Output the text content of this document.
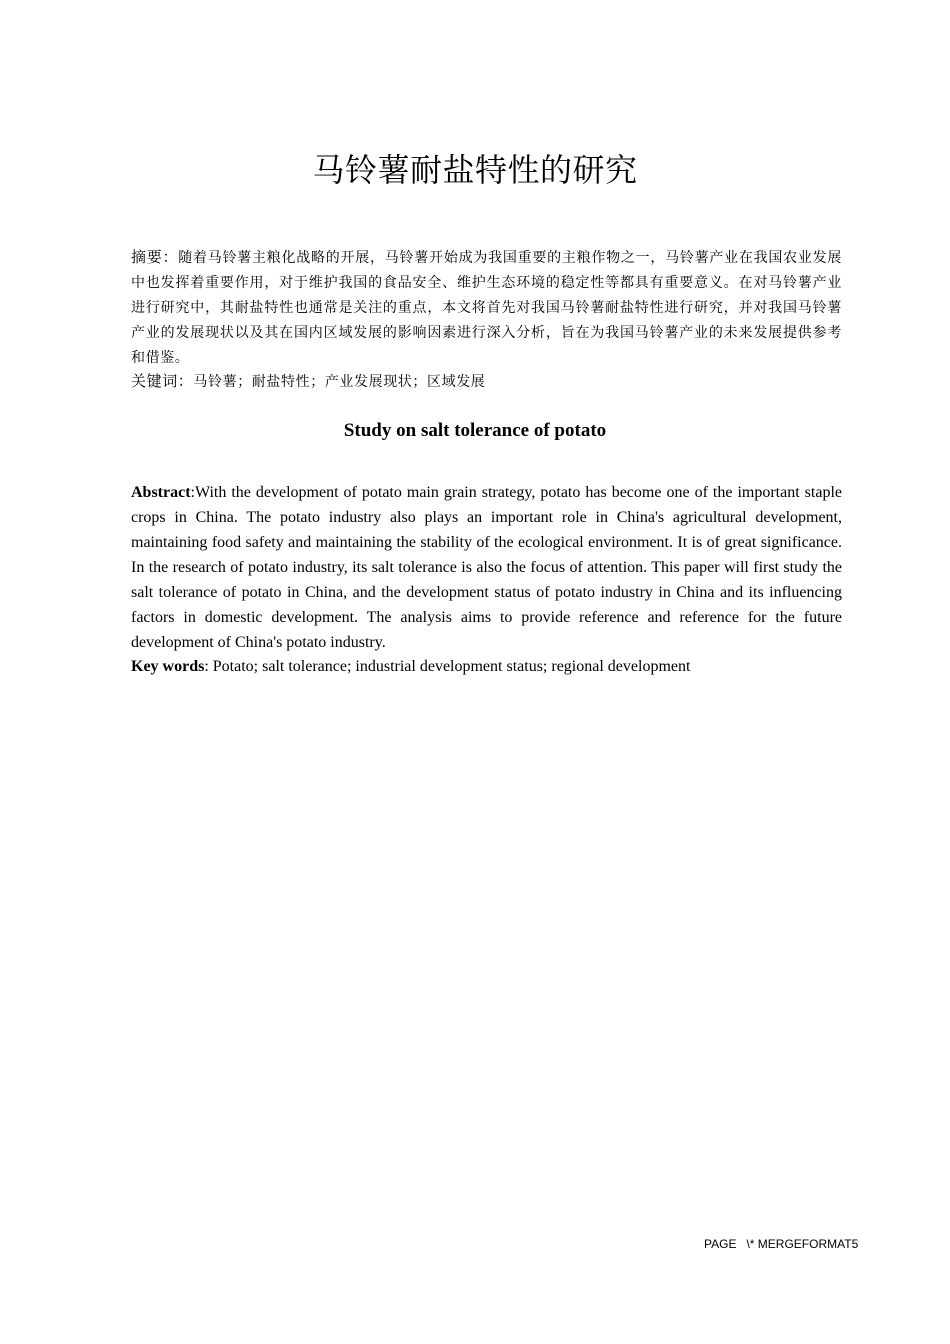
马铃薯耐盐特性的研究
摘要：随着马铃薯主粮化战略的开展，马铃薯开始成为我国重要的主粮作物之一，马铃薯产业在我国农业发展中也发挥着重要作用，对于维护我国的食品安全、维护生态环境的稳定性等都具有重要意义。在对马铃薯产业进行研究中，其耐盐特性也通常是关注的重点，本文将首先对我国马铃薯耐盐特性进行研究，并对我国马铃薯产业的发展现状以及其在国内区域发展的影响因素进行深入分析，旨在为我国马铃薯产业的未来发展提供参考和借鉴。
关键词：马铃薯；耐盐特性；产业发展现状；区域发展
Study on salt tolerance of potato
Abstract:With the development of potato main grain strategy, potato has become one of the important staple crops in China. The potato industry also plays an important role in China's agricultural development, maintaining food safety and maintaining the stability of the ecological environment. It is of great significance. In the research of potato industry, its salt tolerance is also the focus of attention. This paper will first study the salt tolerance of potato in China, and the development status of potato industry in China and its influencing factors in domestic development. The analysis aims to provide reference and reference for the future development of China's potato industry.
Key words: Potato; salt tolerance; industrial development status; regional development
PAGE   \* MERGEFORMAT5
